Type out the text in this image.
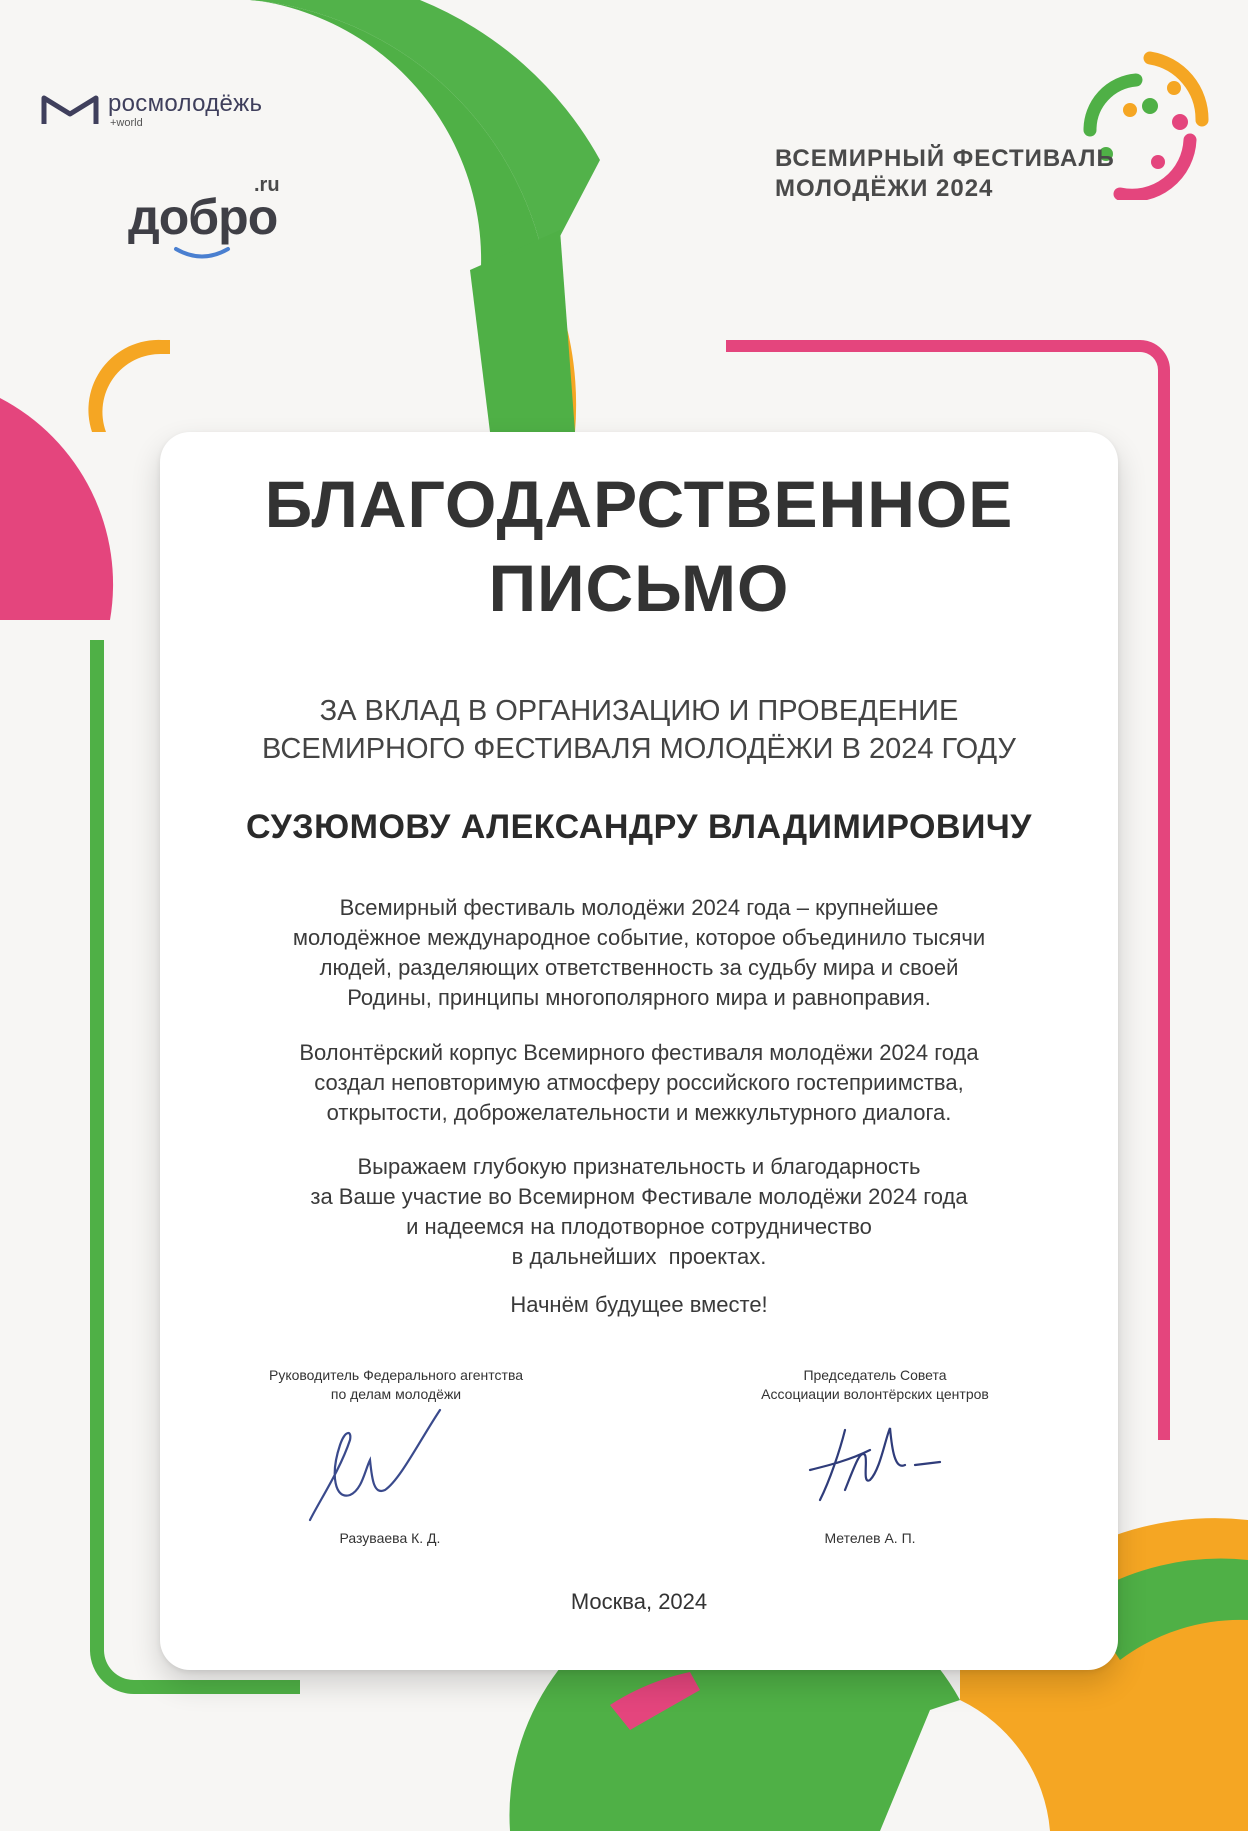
росмолодёжь
+world
.ru
добро
ВСЕМИРНЫЙ ФЕСТИВАЛЬ
МОЛОДЁЖИ 2024
БЛАГОДАРСТВЕННОЕ
ПИСЬМО
ЗА ВКЛАД В ОРГАНИЗАЦИЮ И ПРОВЕДЕНИЕ
ВСЕМИРНОГО ФЕСТИВАЛЯ МОЛОДЁЖИ В 2024 ГОДУ
СУЗЮМОВУ АЛЕКСАНДРУ ВЛАДИМИРОВИЧУ
Всемирный фестиваль молодёжи 2024 года – крупнейшее
молодёжное международное событие, которое объединило тысячи
людей, разделяющих ответственность за судьбу мира и своей
Родины, принципы многополярного мира и равноправия.
Волонтёрский корпус Всемирного фестиваля молодёжи 2024 года
создал неповторимую атмосферу российского гостеприимства,
открытости, доброжелательности и межкультурного диалога.
Выражаем глубокую признательность и благодарность
за Ваше участие во Всемирном Фестивале молодёжи 2024 года
и надеемся на плодотворное сотрудничество
в дальнейших  проектах.
Начнём будущее вместе!
Руководитель Федерального агентства
по делам молодёжи
Разуваева К. Д.
Председатель Совета
Ассоциации волонтёрских центров
Метелев А. П.
Москва, 2024
